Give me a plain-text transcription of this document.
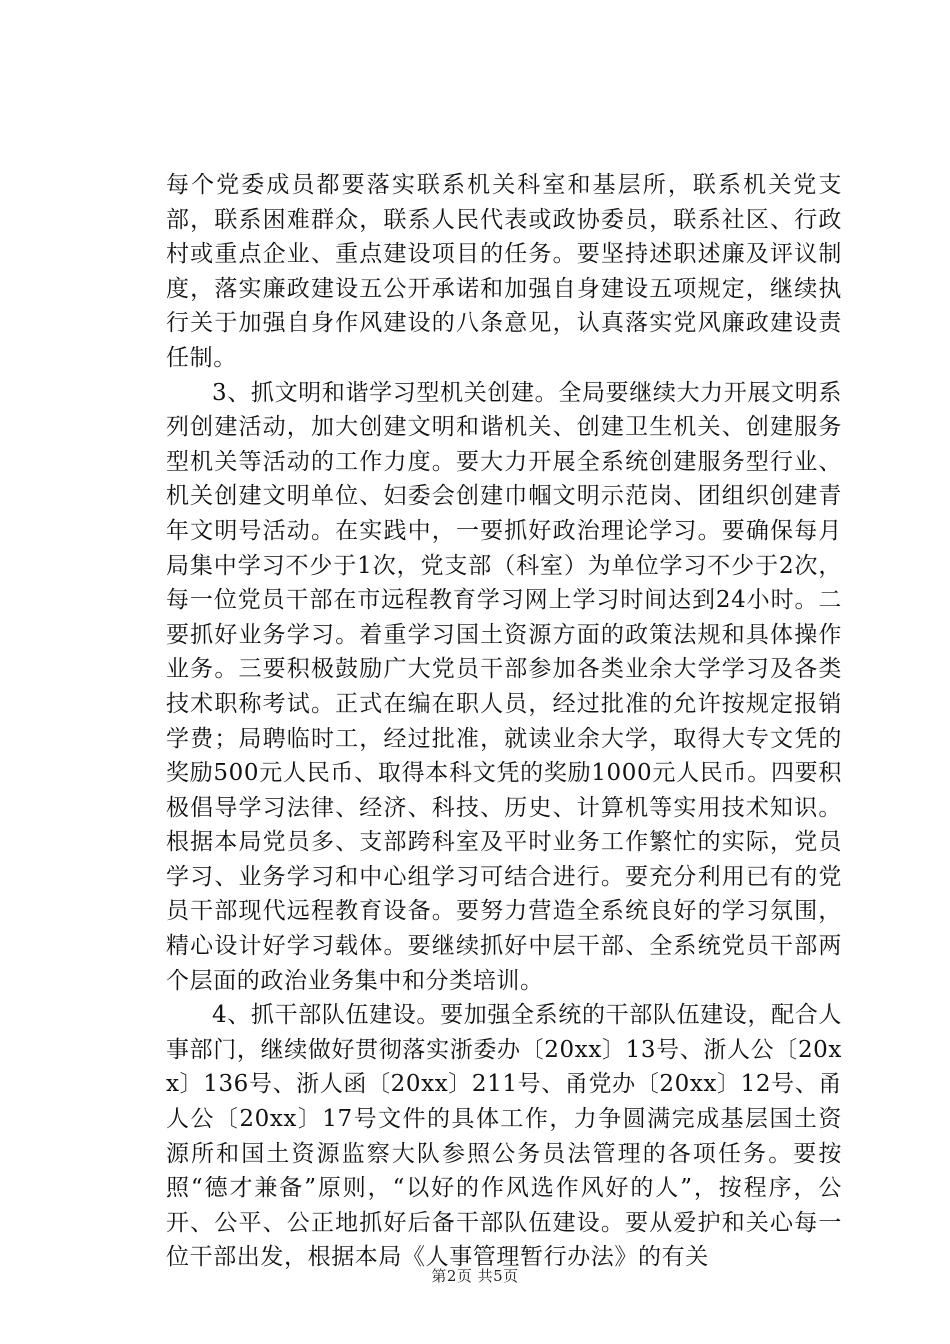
每个党委成员都要落实联系机关科室和基层所，联系机关党支部，联系困难群众，联系人民代表或政协委员，联系社区、行政村或重点企业、重点建设项目的任务。要坚持述职述廉及评议制度，落实廉政建设五公开承诺和加强自身建设五项规定，继续执行关于加强自身作风建设的八条意见，认真落实党风廉政建设责任制。

3、抓文明和谐学习型机关创建。全局要继续大力开展文明系列创建活动，加大创建文明和谐机关、创建卫生机关、创建服务型机关等活动的工作力度。要大力开展全系统创建服务型行业、机关创建文明单位、妇委会创建巾帼文明示范岗、团组织创建青年文明号活动。在实践中，一要抓好政治理论学习。要确保每月局集中学习不少于1次，党支部（科室）为单位学习不少于2次，每一位党员干部在市远程教育学习网上学习时间达到24小时。二要抓好业务学习。着重学习国土资源方面的政策法规和具体操作业务。三要积极鼓励广大党员干部参加各类业余大学学习及各类技术职称考试。正式在编在职人员，经过批准的允许按规定报销学费；局聘临时工，经过批准，就读业余大学，取得大专文凭的奖励500元人民币、取得本科文凭的奖励1000元人民币。四要积极倡导学习法律、经济、科技、历史、计算机等实用技术知识。根据本局党员多、支部跨科室及平时业务工作繁忙的实际，党员学习、业务学习和中心组学习可结合进行。要充分利用已有的党员干部现代远程教育设备。要努力营造全系统良好的学习氛围，精心设计好学习载体。要继续抓好中层干部、全系统党员干部两个层面的政治业务集中和分类培训。

4、抓干部队伍建设。要加强全系统的干部队伍建设，配合人事部门，继续做好贯彻落实浙委办〔20xx〕13号、浙人公〔20xx〕136号、浙人函〔20xx〕211号、甬党办〔20xx〕12号、甬人公〔20xx〕17号文件的具体工作，力争圆满完成基层国土资源所和国土资源监察大队参照公务员法管理的各项任务。要按照“德才兼备”原则，“以好的作风选作风好的人”，按程序，公开、公平、公正地抓好后备干部队伍建设。要从爱护和关心每一位干部出发，根据本局《人事管理暂行办法》的有关

第2页 共5页
